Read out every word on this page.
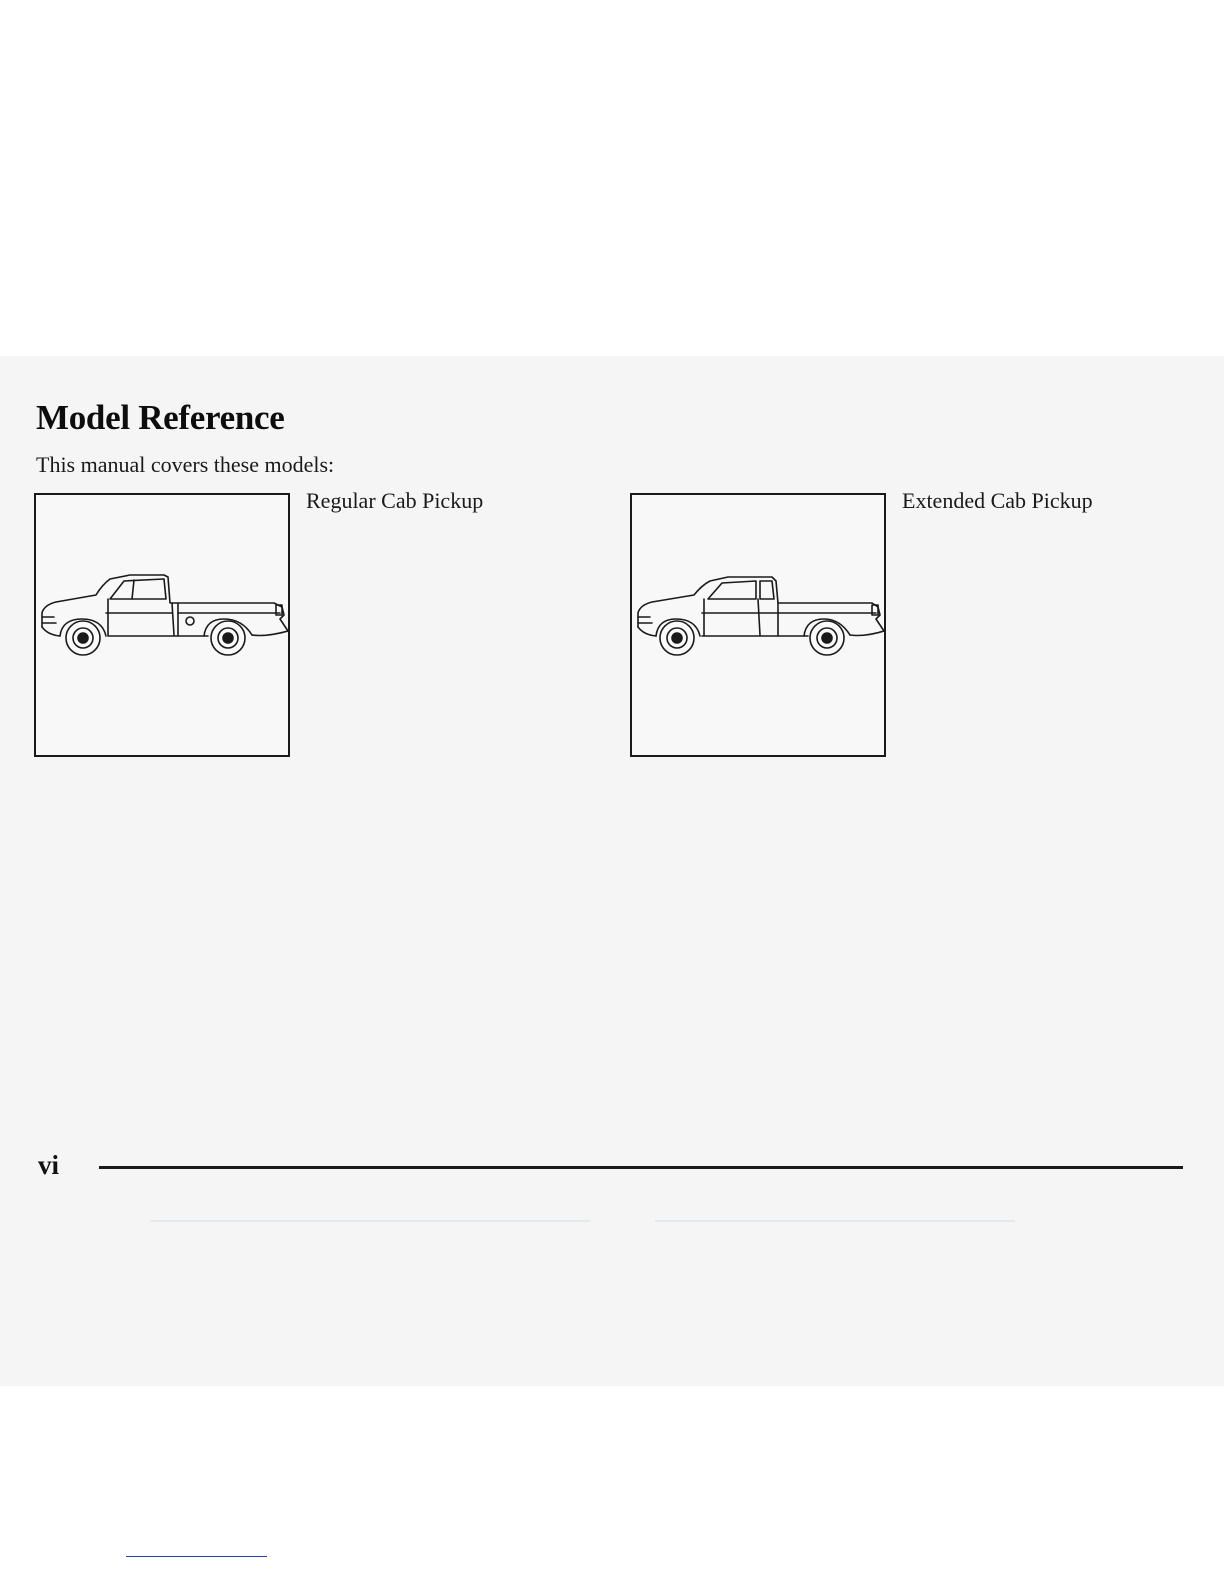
Model Reference

This manual covers these models:

Regular Cab Pickup	Extended Cab Pickup

vi
